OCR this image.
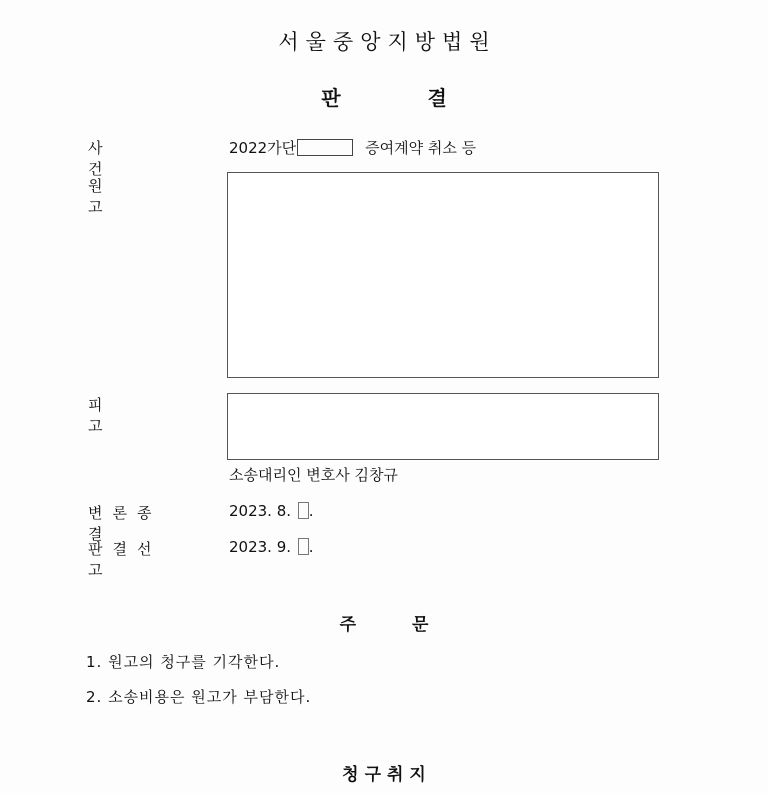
서울중앙지방법원
판 결
사 건
2022가단	증여계약 취소 등
원 고
피 고
소송대리인 변호사 김창규
변론종결
2023. 8. .
판결선고
2023. 9. .
주 문
1. 원고의 청구를 기각한다.
2. 소송비용은 원고가 부담한다.
청구취지
